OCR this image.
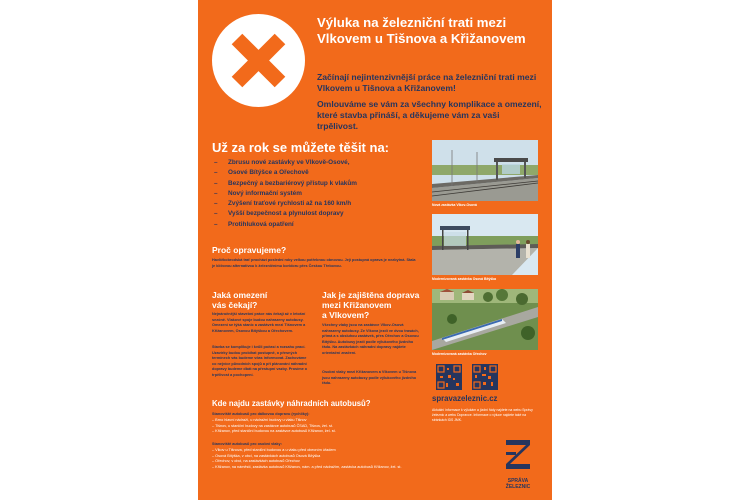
Výluka na železniční trati mezi
Vlkovem u Tišnova a Křižanovem

Začínají nejintenzivnější práce na železniční trati mezi Vlkovem u Tišnova a Křižanovem!

Omlouváme se vám za všechny komplikace a omezení, které stavba přináší, a děkujeme vám za vaši trpělivost.

Už za rok se můžete těšit na:
– Zbrusu nové zastávky ve Vlkově-Osové,
– Osové Bítýšce a Ořechově
– Bezpečný a bezbariérový přístup k vlakům
– Nový informační systém
– Zvýšení traťové rychlosti až na 160 km/h
– Vyšší bezpečnost a plynulost dopravy
– Protihluková opatření
Nová zastávka Vlkov-Osová
Modernizovaná zastávka Osová Bítýška
Modernizovaná zastávka Ořechov
Proč opravujeme?
Havlíčkobrodská trať prochází poslední roky velkou potřebnou obnovou. Její postupná oprava je nezbytná. Stala je klíčovou alternativou k železničnímu koridoru přes Českou Třebovou.
Jaká omezení
vás čekají?
Nejnáročnější stavební práce nás čekají až v letošní sezóně. Vlakové spoje budou nahrazeny autobusy. Omezení se týká stanic a zastávek mezi Tišnovem a Křižanovem, Osovou Bítýškou a Ořechovem.
Stavba se komplikuje i kvůli počasí a rozsahu prací. Uzavírky budou probíhat postupně, o přesných termínech vás budeme včas informovat. Zachováme co nejvíce původních spojů a při plánování náhradní dopravy budeme dbát na přestupní vazby. Prosíme o trpělivost a pochopení.
Jak je zajištěna doprava
mezi Křižanovem
a Vlkovem?
Všechny vlaky jsou na zastávce Vlkov-Osová nahrazeny autobusy. Ze Vlkova jezdí ve dvou trasách, přímá a s obsluhou zastávek, přes Ořechov a Osovou Bítýšku. Autobusy jezdí podle výlukového jízdního řádu. Na zastávkách náhradní dopravy najdete orientační značení.
Osobní vlaky mezi Křižanovem a Vlkovem u Tišnova jsou nahrazeny autobusy podle výlukového jízdního řádu.
Kde najdu zastávky náhradních autobusů?
Stanoviště autobusů pro dálkovou dopravu (rychlíky):
– Brno hlavní nádraží, u nádražní budovy u vlaku Tišnov
– Tišnov, u staniční budovy na zastávce autobusů ČSAD, Tišnov, žel. st.
– Křižanov, před staniční budovou na zastávce autobusů Křižanov, žel. st.
Stanoviště autobusů pro osobní vlaky:
– Vlkov u Tišnova, před staniční budovou a u vlaku před obecním úřadem
– Osová Bítýška, v obci, na zastávkách autobusů Osová Bítýška
– Ořechov, v obci, na zastávkách autobusů Ořechov
– Křižanov, na náměstí, zastávka autobusů Křižanov, nám. a před nádražím, zastávka autobusů Křižanov, žel. st.
spravazeleznic.cz
Aktuální informace k výlukám a jízdní řády najdete na webu Správy železnic a webu Dopravce. Informace o výluce najdete také na stránkách IDS JMK.
SPRÁVA
ŽELEZNIC
